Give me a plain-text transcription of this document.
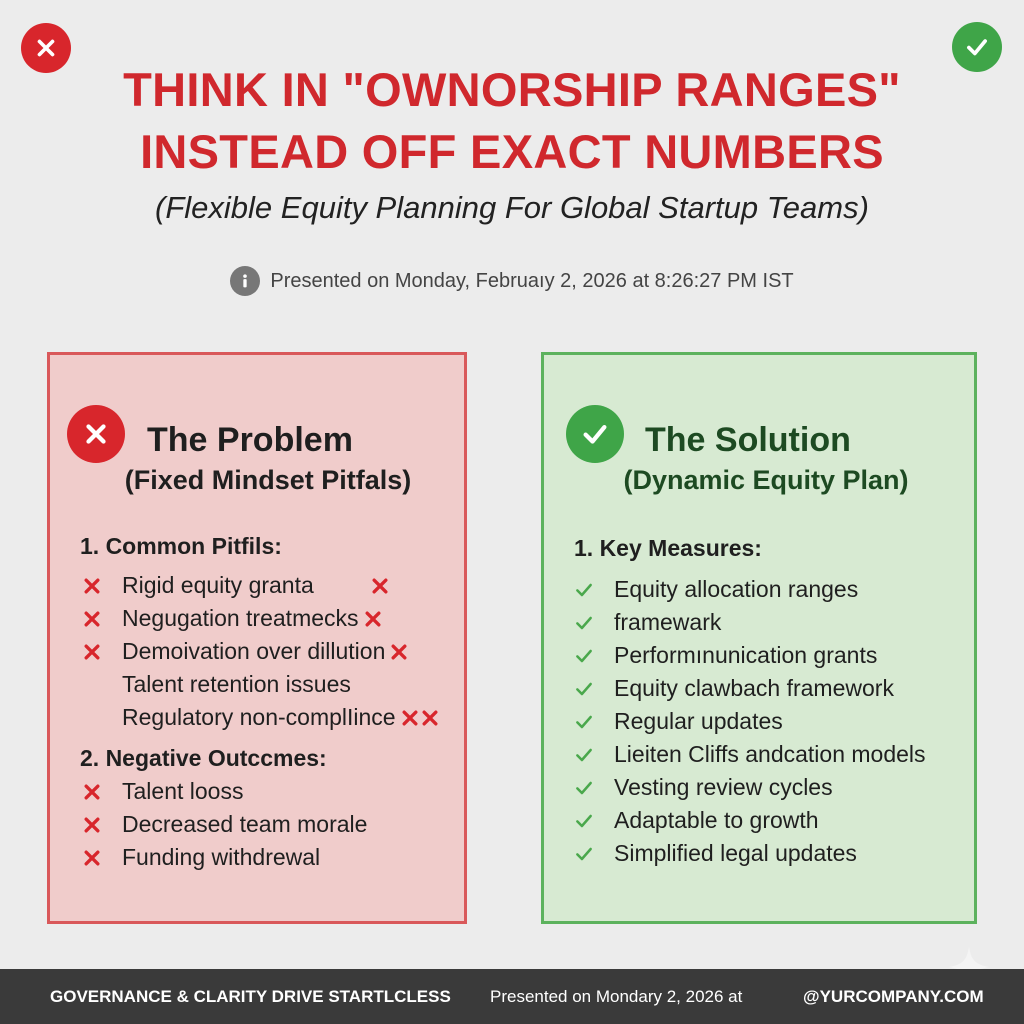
THINK IN "OWNORSHIP RANGES"
INSTEAD OFF EXACT NUMBERS
(Flexible Equity Planning For Global Startup Teams)
Presented on Monday, Februaıy 2, 2026 at 8:26:27 PM IST
The Problem
(Fixed Mindset Pitfals)
1. Common Pitfils:
Rigid equity granta
Negugation treatmecks
Demoivation over dillution
Talent retention issues
Regulatory non-complIince
2. Negative Outccmes:
Talent looss
Decreased team morale
Funding withdrewal
The Solution
(Dynamic Equity Plan)
1. Key Measures:
Equity allocation ranges
framewark
Performınunication grants
Equity clawbach framework
Regular updates
Lieiten Cliffs andcation models
Vesting review cycles
Adaptable to growth
Simplified legal updates
GOVERNANCE & CLARITY DRIVE STARTLCLESS Presented on Mondary 2, 2026 at	@YURCOMPANY.COM
